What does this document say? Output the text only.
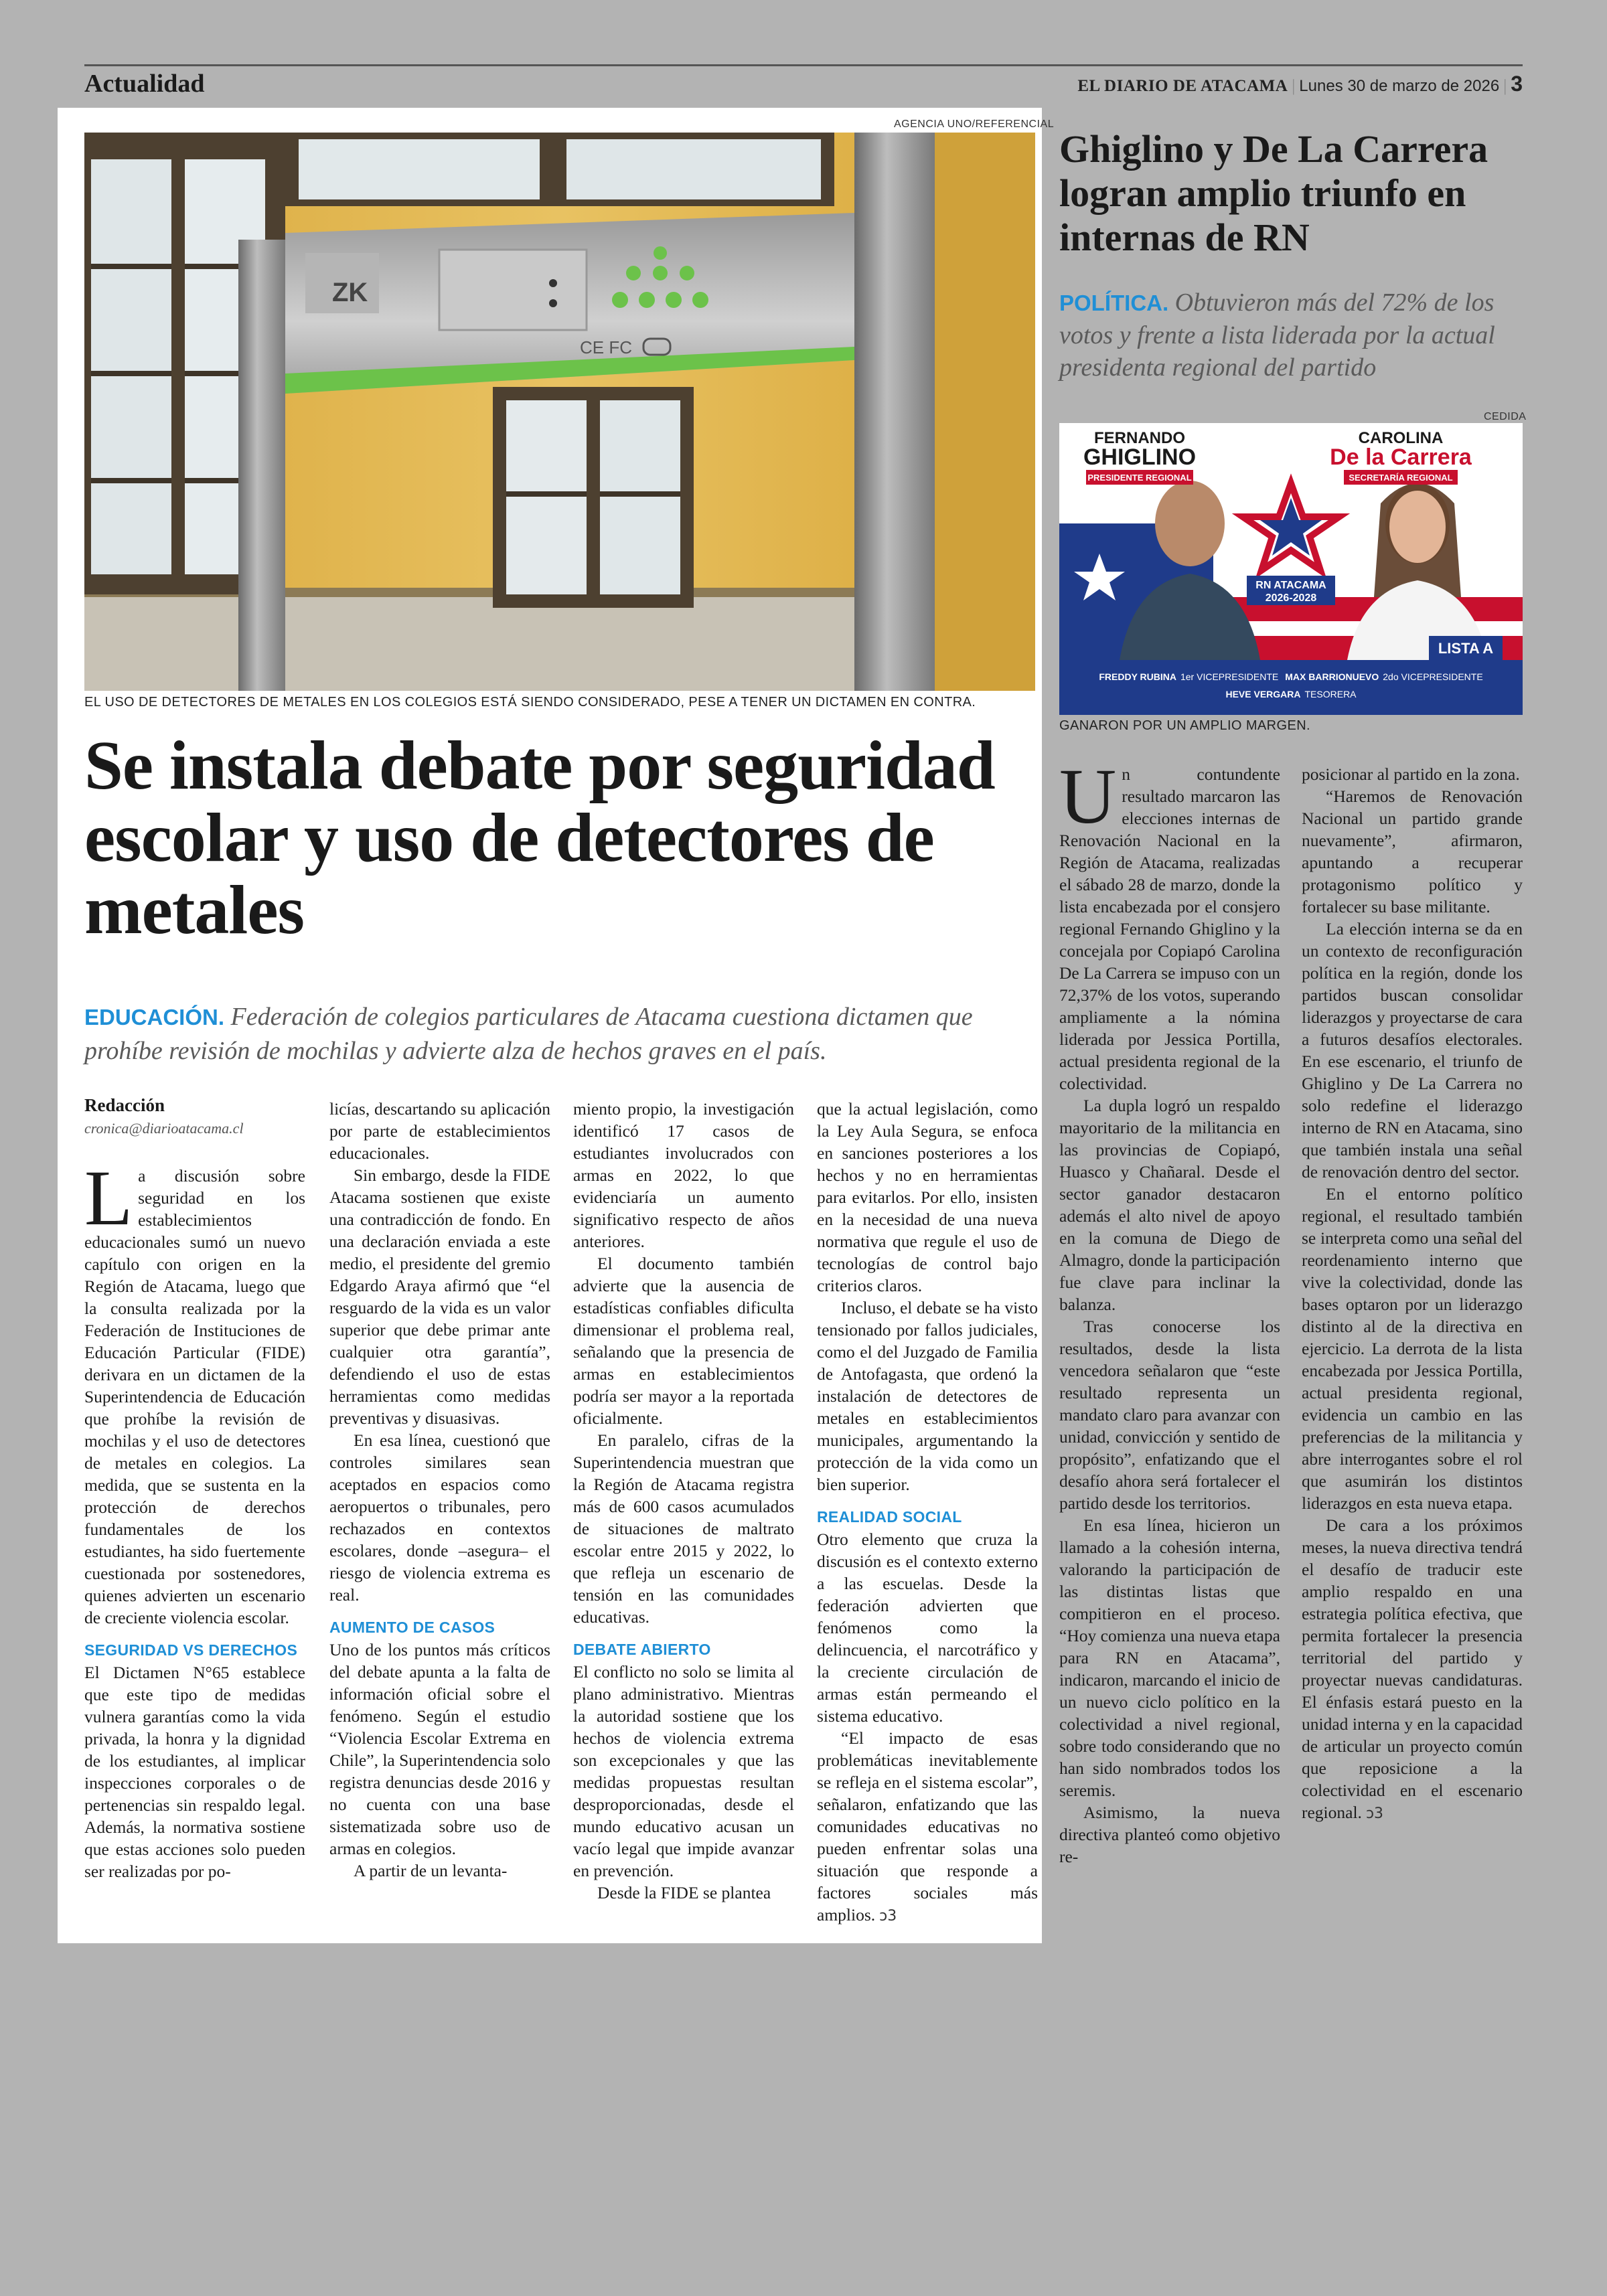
Actualidad	EL DIARIO DE ATACAMA | Lunes 30 de marzo de 2026 | 3
AGENCIA UNO/REFERENCIAL
ZK
CE FC
EL USO DE DETECTORES DE METALES EN LOS COLEGIOS ESTÁ SIENDO CONSIDERADO, PESE A TENER UN DICTAMEN EN CONTRA.
Se instala debate por seguridad escolar y uso de detectores de metales
EDUCACIÓN. Federación de colegios particulares de Atacama cuestiona dictamen que prohíbe revisión de mochilas y advierte alza de hechos graves en el país.
Redacción
cronica@diarioatacama.cl

La discusión sobre seguridad en los establecimientos educacionales sumó un nuevo capítulo con origen en la Región de Atacama, luego que la consulta realizada por la Federación de Instituciones de Educación Particular (FIDE) derivara en un dictamen de la Superintendencia de Educación que prohíbe la revisión de mochilas y el uso de detectores de metales en colegios. La medida, que se sustenta en la protección de derechos fundamentales de los estudiantes, ha sido fuertemente cuestionada por sostenedores, quienes advierten un escenario de creciente violencia escolar.

SEGURIDAD VS DERECHOS

El Dictamen N°65 establece que este tipo de medidas vulnera garantías como la vida privada, la honra y la dignidad de los estudiantes, al implicar inspecciones corporales o de pertenencias sin respaldo legal. Además, la normativa sostiene que estas acciones solo pueden ser realizadas por po-

licías, descartando su aplicación por parte de establecimientos educacionales.

Sin embargo, desde la FIDE Atacama sostienen que existe una contradicción de fondo. En una declaración enviada a este medio, el presidente del gremio Edgardo Araya afirmó que “el resguardo de la vida es un valor superior que debe primar ante cualquier otra garantía”, defendiendo el uso de estas herramientas como medidas preventivas y disuasivas.

En esa línea, cuestionó que controles similares sean aceptados en espacios como aeropuertos o tribunales, pero rechazados en contextos escolares, donde –asegura– el riesgo de violencia extrema es real.

AUMENTO DE CASOS

Uno de los puntos más críticos del debate apunta a la falta de información oficial sobre el fenómeno. Según el estudio “Violencia Escolar Extrema en Chile”, la Superintendencia solo registra denuncias desde 2016 y no cuenta con una base sistematizada sobre uso de armas en colegios.

A partir de un levanta-

miento propio, la investigación identificó 17 casos de estudiantes involucrados con armas en 2022, lo que evidenciaría un aumento significativo respecto de años anteriores.

El documento también advierte que la ausencia de estadísticas confiables dificulta dimensionar el problema real, señalando que la presencia de armas en establecimientos podría ser mayor a la reportada oficialmente.

En paralelo, cifras de la Superintendencia muestran que la Región de Atacama registra más de 600 casos acumulados de situaciones de maltrato escolar entre 2015 y 2022, lo que refleja un escenario de tensión en las comunidades educativas.

DEBATE ABIERTO

El conflicto no solo se limita al plano administrativo. Mientras la autoridad sostiene que los hechos de violencia extrema son excepcionales y que las medidas propuestas resultan desproporcionadas, desde el mundo educativo acusan un vacío legal que impide avanzar en prevención.

Desde la FIDE se plantea

que la actual legislación, como la Ley Aula Segura, se enfoca en sanciones posteriores a los hechos y no en herramientas para evitarlos. Por ello, insisten en la necesidad de una nueva normativa que regule el uso de tecnologías de control bajo criterios claros.

Incluso, el debate se ha visto tensionado por fallos judiciales, como el del Juzgado de Familia de Antofagasta, que ordenó la instalación de detectores de metales en establecimientos municipales, argumentando la protección de la vida como un bien superior.

REALIDAD SOCIAL

Otro elemento que cruza la discusión es el contexto externo a las escuelas. Desde la federación advierten que fenómenos como la delincuencia, el narcotráfico y la creciente circulación de armas están permeando el sistema educativo.

“El impacto de esas problemáticas inevitablemente se refleja en el sistema escolar”, señalaron, enfatizando que las comunidades educativas no pueden enfrentar solas una situación que responde a factores sociales más amplios. ↄ3

Ghiglino y De La Carrera logran amplio triunfo en internas de RN
POLÍTICA. Obtuvieron más del 72% de los votos y frente a lista liderada por la actual presidenta regional del partido
CEDIDA
RN ATACAMA
2026-2028
FERNANDO
GHIGLINO
PRESIDENTE REGIONAL
CAROLINA
De la Carrera
SECRETARÍA REGIONAL
LISTA A
FREDDY RUBINA 1er VICEPRESIDENTE MAX BARRIONUEVO 2do VICEPRESIDENTE
HEVE VERGARA TESORERA
GANARON POR UN AMPLIO MARGEN.

Un contundente resultado marcaron las elecciones internas de Renovación Nacional en la Región de Atacama, realizadas el sábado 28 de marzo, donde la lista encabezada por el consjero regional Fernando Ghiglino y la concejala por Copiapó Carolina De La Carrera se impuso con un 72,37% de los votos, superando ampliamente a la nómina liderada por Jessica Portilla, actual presidenta regional de la colectividad.

La dupla logró un respaldo mayoritario de la militancia en las provincias de Copiapó, Huasco y Chañaral. Desde el sector ganador destacaron además el alto nivel de apoyo en la comuna de Diego de Almagro, donde la participación fue clave para inclinar la balanza.

Tras conocerse los resultados, desde la lista vencedora señalaron que “este resultado representa un mandato claro para avanzar con unidad, convicción y sentido de propósito”, enfatizando que el desafío ahora será fortalecer el partido desde los territorios.

En esa línea, hicieron un llamado a la cohesión interna, valorando la participación de las distintas listas que compitieron en el proceso. “Hoy comienza una nueva etapa para RN en Atacama”, indicaron, marcando el inicio de un nuevo ciclo político en la colectividad a nivel regional, sobre todo considerando que no han sido nombrados todos los seremis.

Asimismo, la nueva directiva planteó como objetivo re-

posicionar al partido en la zona.

“Haremos de Renovación Nacional un partido grande nuevamente”, afirmaron, apuntando a recuperar protagonismo político y fortalecer su base militante.

La elección interna se da en un contexto de reconfiguración política en la región, donde los partidos buscan consolidar liderazgos y proyectarse de cara a futuros desafíos electorales. En ese escenario, el triunfo de Ghiglino y De La Carrera no solo redefine el liderazgo interno de RN en Atacama, sino que también instala una señal de renovación dentro del sector.

En el entorno político regional, el resultado también se interpreta como una señal del reordenamiento interno que vive la colectividad, donde las bases optaron por un liderazgo distinto al de la directiva en ejercicio. La derrota de la lista encabezada por Jessica Portilla, actual presidenta regional, evidencia un cambio en las preferencias de la militancia y abre interrogantes sobre el rol que asumirán los distintos liderazgos en esta nueva etapa.

De cara a los próximos meses, la nueva directiva tendrá el desafío de traducir este amplio respaldo en una estrategia política efectiva, que permita fortalecer la presencia territorial del partido y proyectar nuevas candidaturas. El énfasis estará puesto en la unidad interna y en la capacidad de articular un proyecto común que reposicione a la colectividad en el escenario regional. ↄ3
